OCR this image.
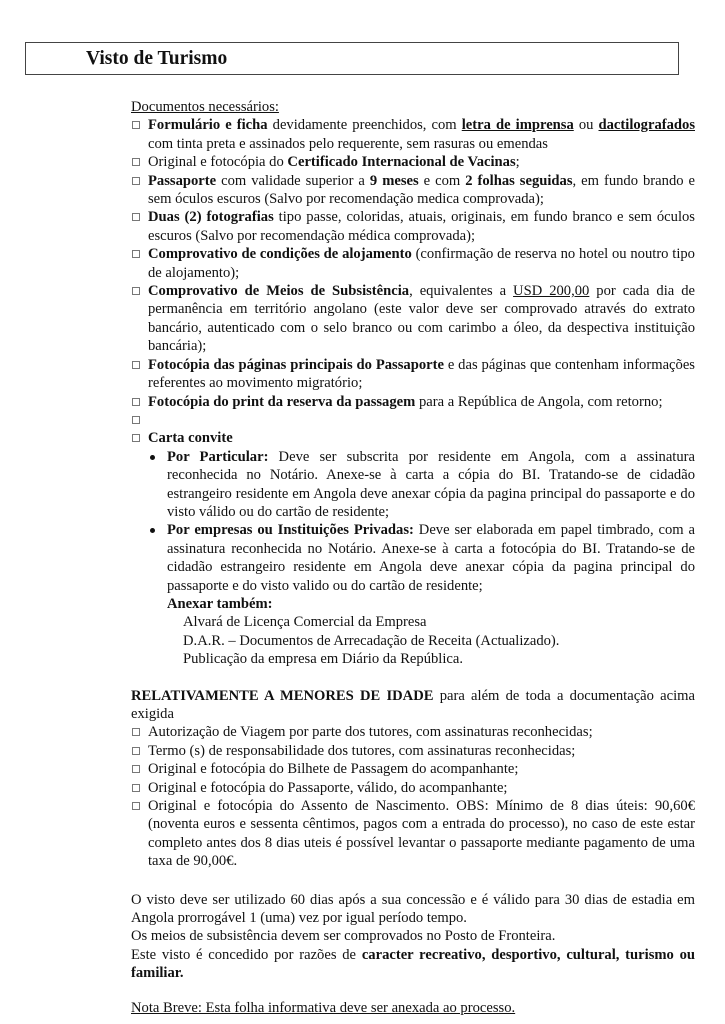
Visto de Turismo

Documentos necessários:

Formulário e ficha devidamente preenchidos, com letra de imprensa ou dactilografados com tinta preta e assinados pelo requerente, sem rasuras ou emendas
Original e fotocópia do Certificado Internacional de Vacinas;
Passaporte com validade superior a 9 meses e com 2 folhas seguidas, em fundo brando e sem óculos escuros (Salvo por recomendação medica comprovada);
Duas (2) fotografias tipo passe, coloridas, atuais, originais, em fundo branco e sem óculos escuros (Salvo por recomendação médica comprovada);
Comprovativo de condições de alojamento (confirmação de reserva no hotel ou noutro tipo de alojamento);
Comprovativo de Meios de Subsistência, equivalentes a USD 200,00 por cada dia de permanência em território angolano (este valor deve ser comprovado através do extrato bancário, autenticado com o selo branco ou com carimbo a óleo, da despectiva instituição bancária);
Fotocópia das páginas principais do Passaporte e das páginas que contenham informações referentes ao movimento migratório;
Fotocópia do print da reserva da passagem para a República de Angola, com retorno;
Carta convite
Por Particular: Deve ser subscrita por residente em Angola, com a assinatura reconhecida no Notário. Anexe-se à carta a cópia do BI. Tratando-se de cidadão estrangeiro residente em Angola deve anexar cópia da pagina principal do passaporte e do visto válido ou do cartão de residente;
Por empresas ou Instituições Privadas: Deve ser elaborada em papel timbrado, com a assinatura reconhecida no Notário. Anexe-se à carta a fotocópia do BI. Tratando-se de cidadão estrangeiro residente em Angola deve anexar cópia da pagina principal do passaporte e do visto valido ou do cartão de residente;
Anexar também:
Alvará de Licença Comercial da Empresa
D.A.R. – Documentos de Arrecadação de Receita (Actualizado).
Publicação da empresa em Diário da República.

RELATIVAMENTE A MENORES DE IDADE para além de toda a documentação acima exigida

Autorização de Viagem por parte dos tutores, com assinaturas reconhecidas;
Termo (s) de responsabilidade dos tutores, com assinaturas reconhecidas;
Original e fotocópia do Bilhete de Passagem do acompanhante;
Original e fotocópia do Passaporte, válido, do acompanhante;
Original e fotocópia do Assento de Nascimento. OBS: Mínimo de 8 dias úteis: 90,60€ (noventa euros e sessenta cêntimos, pagos com a entrada do processo), no caso de este estar completo antes dos 8 dias uteis é possível levantar o passaporte mediante pagamento de uma taxa de 90,00€.

O visto deve ser utilizado 60 dias após a sua concessão e é válido para 30 dias de estadia em Angola prorrogável 1 (uma) vez por igual período tempo.

Os meios de subsistência devem ser comprovados no Posto de Fronteira.

Este visto é concedido por razões de caracter recreativo, desportivo, cultural, turismo ou familiar.

Nota Breve: Esta folha informativa deve ser anexada ao processo.
